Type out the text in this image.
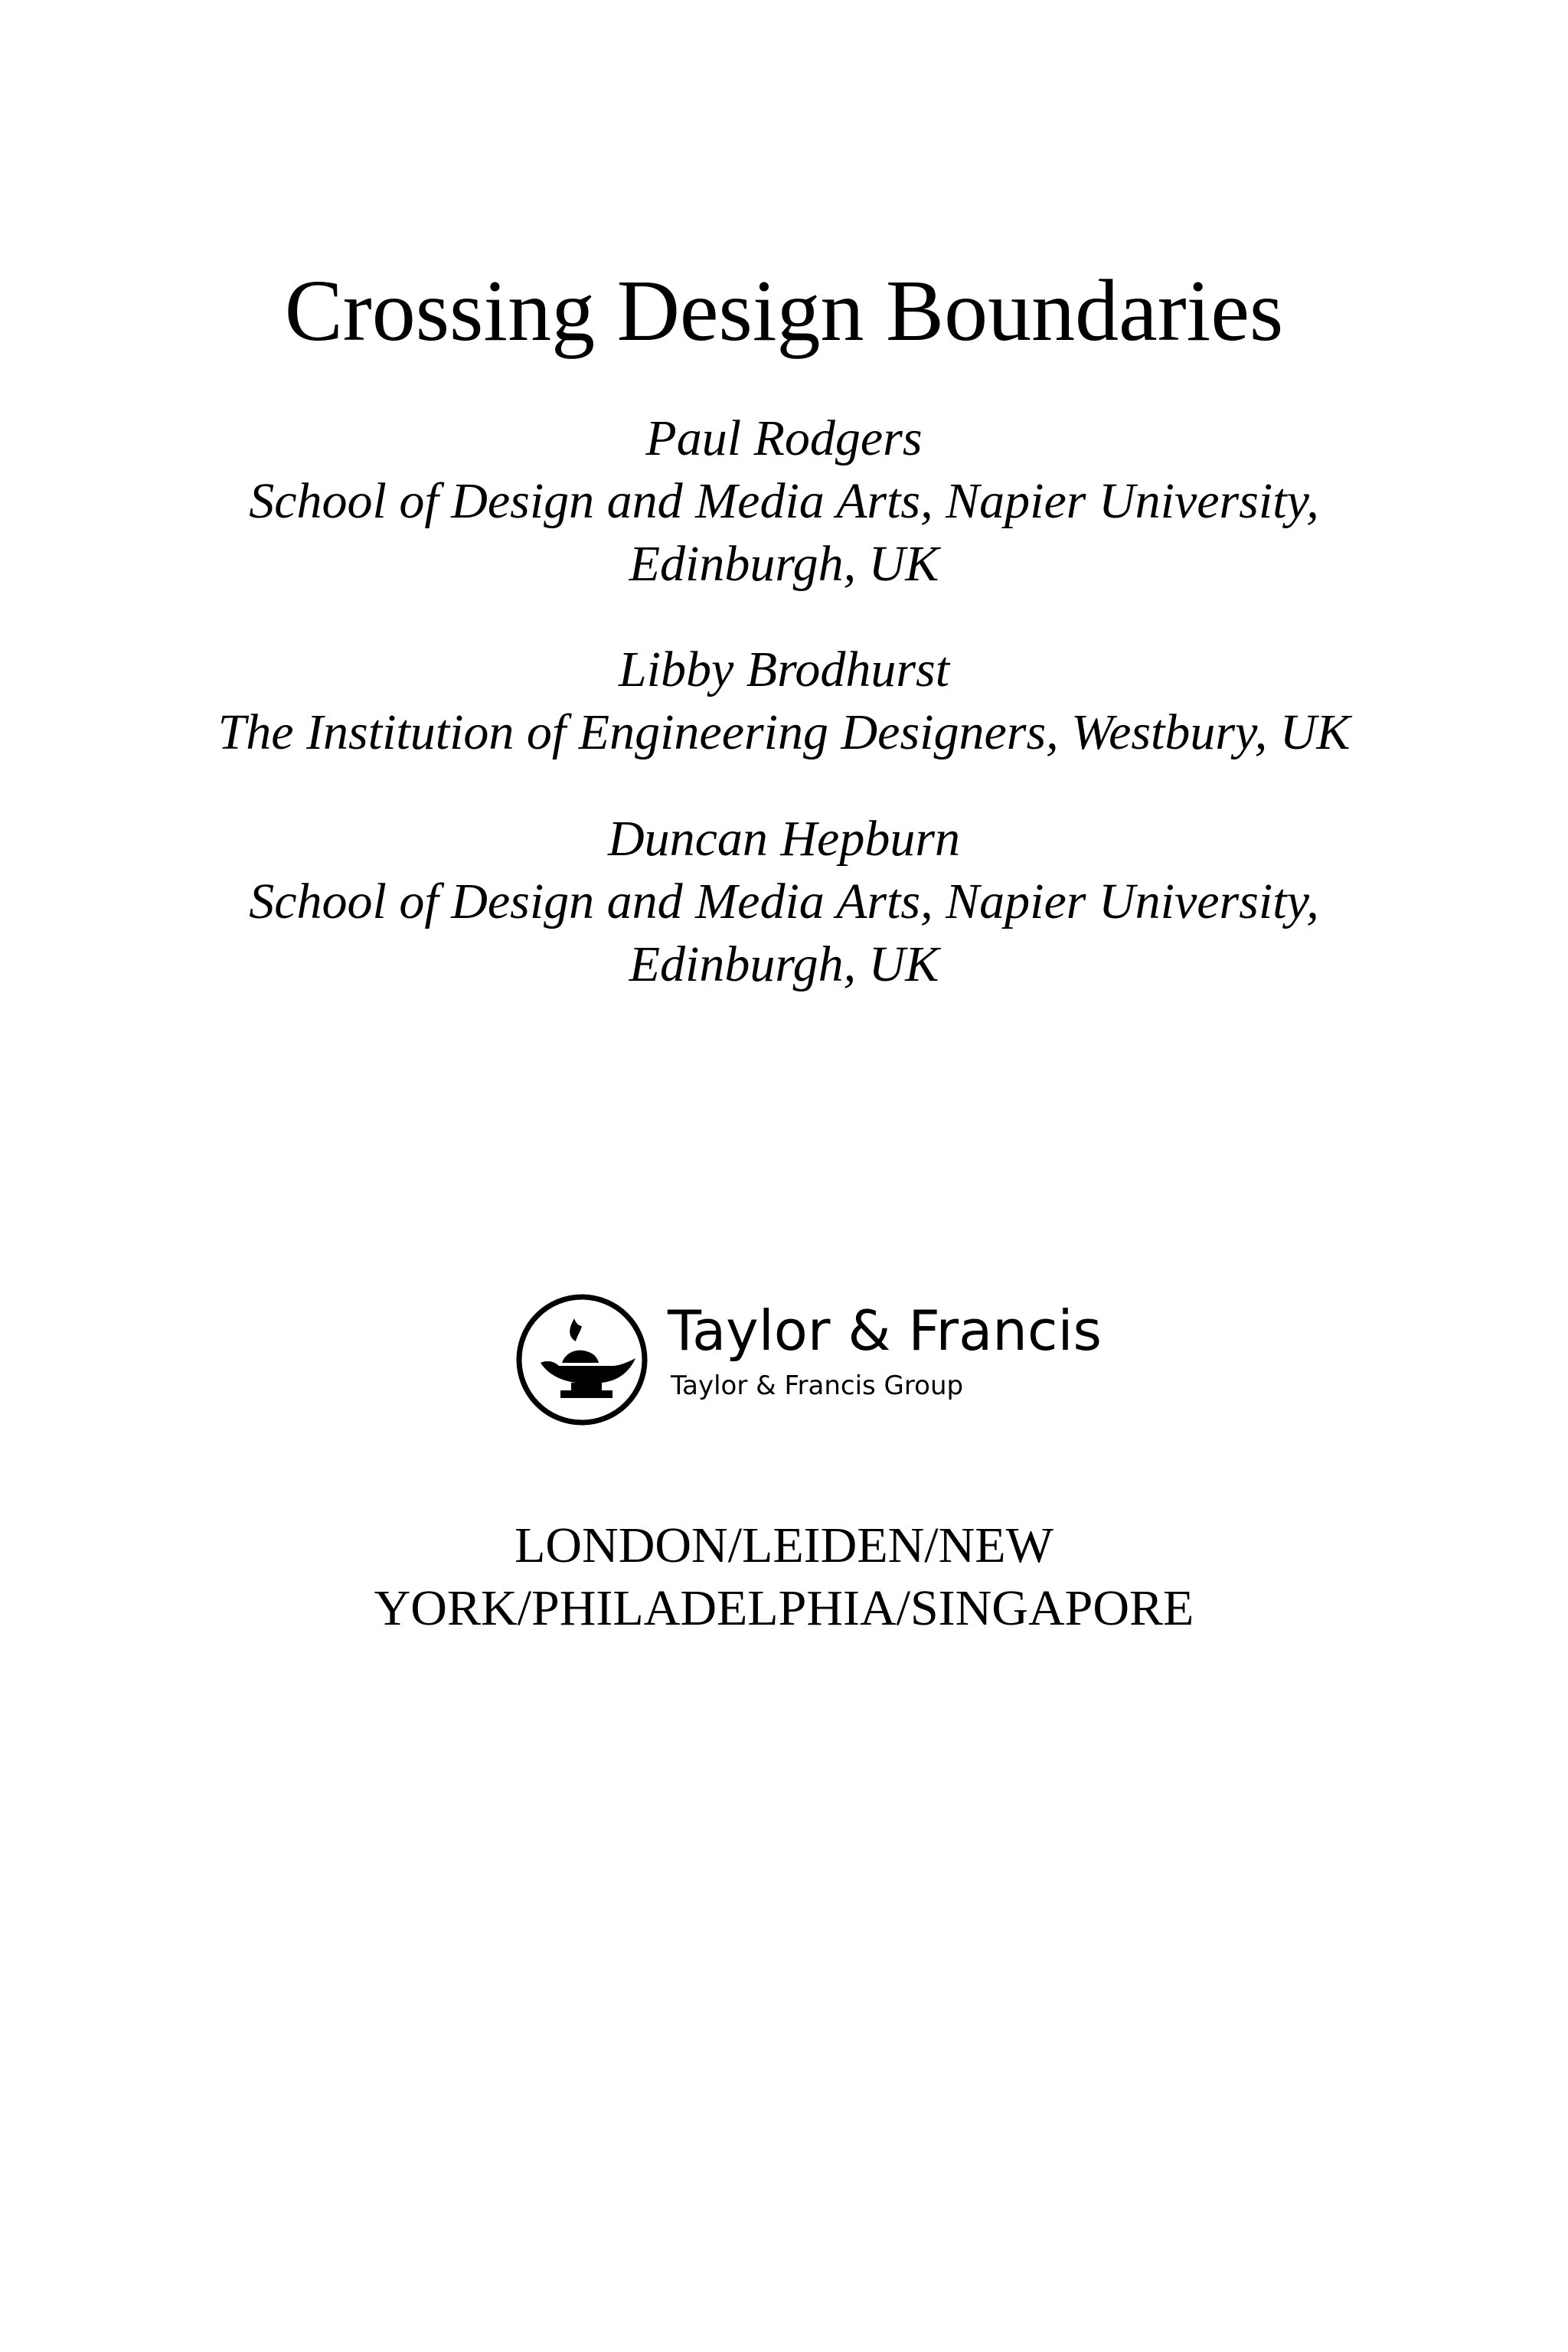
Crossing Design Boundaries
Paul Rodgers
School of Design and Media Arts, Napier University,
Edinburgh, UK
Libby Brodhurst
The Institution of Engineering Designers, Westbury, UK
Duncan Hepburn
School of Design and Media Arts, Napier University,
Edinburgh, UK
Taylor & Francis
Taylor & Francis Group
LONDON/LEIDEN/NEW
YORK/PHILADELPHIA/SINGAPORE
